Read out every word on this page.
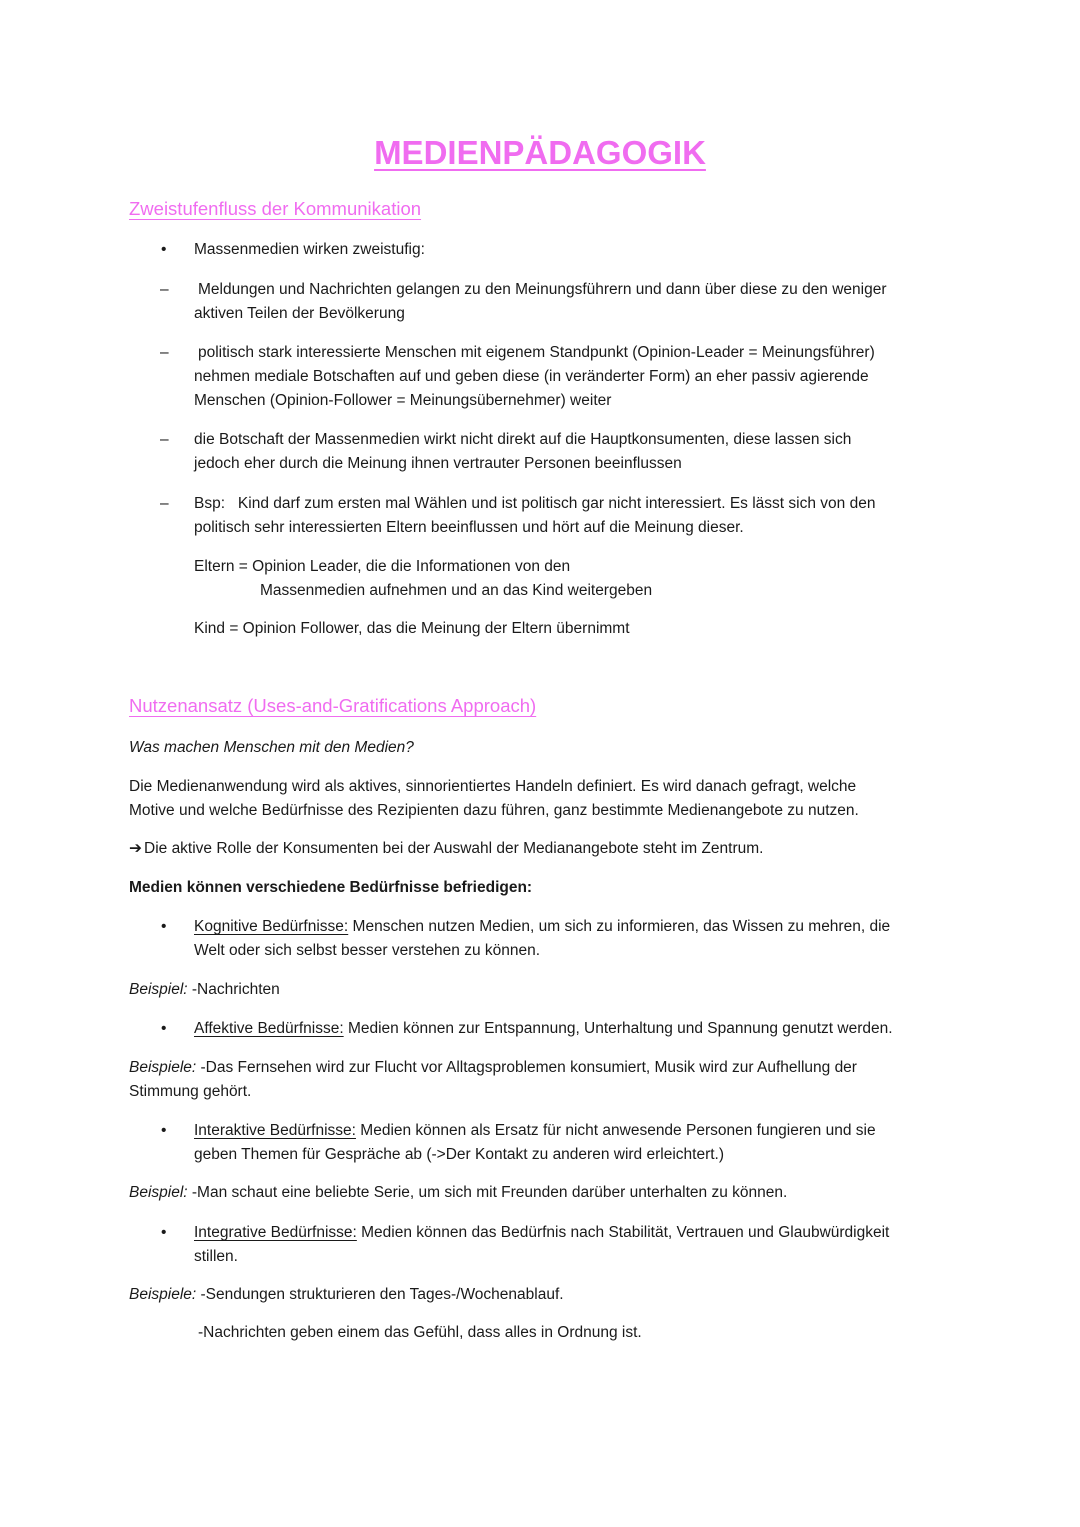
MEDIENPÄDAGOGIK
Zweistufenfluss der Kommunikation
• Massenmedien wirken zweistufig:
– Meldungen und Nachrichten gelangen zu den Meinungsführern und dann über diese zu den weniger
aktiven Teilen der Bevölkerung
– politisch stark interessierte Menschen mit eigenem Standpunkt (Opinion-Leader = Meinungsführer)
nehmen mediale Botschaften auf und geben diese (in veränderter Form) an eher passiv agierende
Menschen (Opinion-Follower = Meinungsübernehmer) weiter
– die Botschaft der Massenmedien wirkt nicht direkt auf die Hauptkonsumenten, diese lassen sich
jedoch eher durch die Meinung ihnen vertrauter Personen beeinflussen
– Bsp:   Kind darf zum ersten mal Wählen und ist politisch gar nicht interessiert. Es lässt sich von den
politisch sehr interessierten Eltern beeinflussen und hört auf die Meinung dieser.
Eltern = Opinion Leader, die die Informationen von den
Massenmedien aufnehmen und an das Kind weitergeben
Kind = Opinion Follower, das die Meinung der Eltern übernimmt
Nutzenansatz (Uses-and-Gratifications Approach)
Was machen Menschen mit den Medien?
Die Medienanwendung wird als aktives, sinnorientiertes Handeln definiert. Es wird danach gefragt, welche
Motive und welche Bedürfnisse des Rezipienten dazu führen, ganz bestimmte Medienangebote zu nutzen.
➔ Die aktive Rolle der Konsumenten bei der Auswahl der Medianangebote steht im Zentrum.
Medien können verschiedene Bedürfnisse befriedigen:
• Kognitive Bedürfnisse: Menschen nutzen Medien, um sich zu informieren, das Wissen zu mehren, die
Welt oder sich selbst besser verstehen zu können.
Beispiel: -Nachrichten
• Affektive Bedürfnisse: Medien können zur Entspannung, Unterhaltung und Spannung genutzt werden.
Beispiele: -Das Fernsehen wird zur Flucht vor Alltagsproblemen konsumiert, Musik wird zur Aufhellung der
Stimmung gehört.
• Interaktive Bedürfnisse: Medien können als Ersatz für nicht anwesende Personen fungieren und sie
geben Themen für Gespräche ab (->Der Kontakt zu anderen wird erleichtert.)
Beispiel: -Man schaut eine beliebte Serie, um sich mit Freunden darüber unterhalten zu können.
• Integrative Bedürfnisse: Medien können das Bedürfnis nach Stabilität, Vertrauen und Glaubwürdigkeit
stillen.
Beispiele: -Sendungen strukturieren den Tages-/Wochenablauf.
-Nachrichten geben einem das Gefühl, dass alles in Ordnung ist.
